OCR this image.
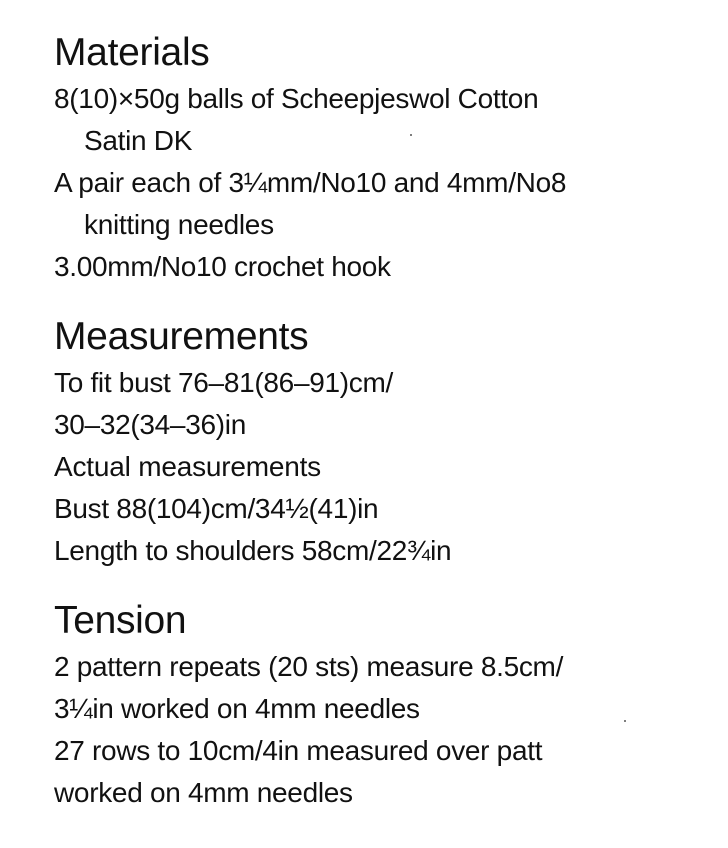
Materials

8(10)×50g balls of Scheepjeswol Cotton

Satin DK

A pair each of 3¼mm/No10 and 4mm/No8

knitting needles

3.00mm/No10 crochet hook

Measurements

To fit bust 76–81(86–91)cm/

30–32(34–36)in

Actual measurements

Bust 88(104)cm/34½(41)in

Length to shoulders 58cm/22¾in

Tension

2 pattern repeats (20 sts) measure 8.5cm/

3¼in worked on 4mm needles

27 rows to 10cm/4in measured over patt

worked on 4mm needles
